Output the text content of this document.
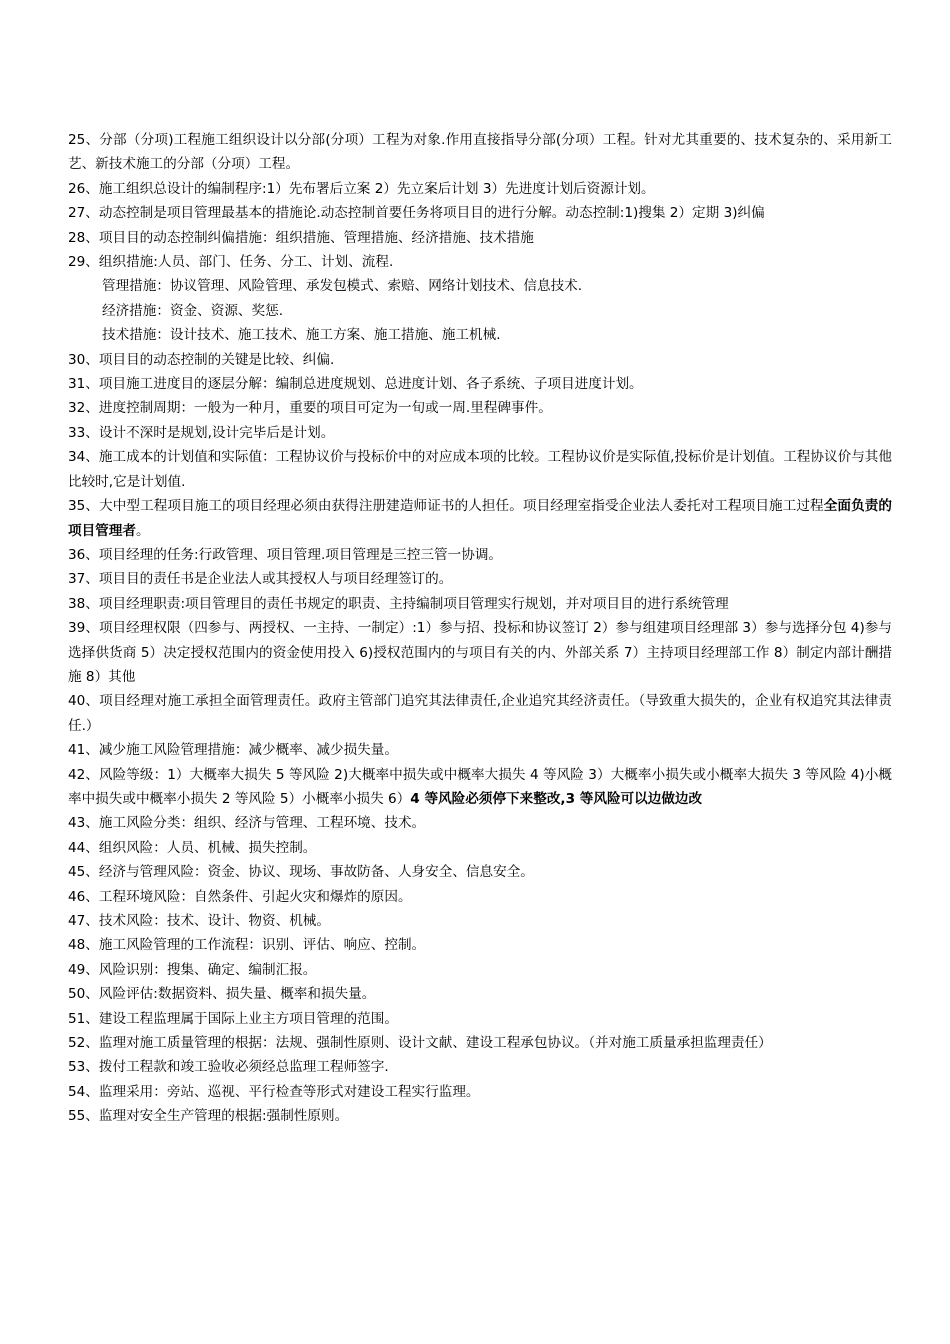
25、分部（分项)工程施工组织设计以分部(分项）工程为对象.作用直接指导分部(分项）工程。针对尤其重要的、技术复杂的、采用新工艺、新技术施工的分部（分项）工程。

26、施工组织总设计的编制程序:1）先布署后立案 2）先立案后计划 3）先进度计划后资源计划。

27、动态控制是项目管理最基本的措施论.动态控制首要任务将项目目的进行分解。动态控制:1)搜集 2）定期 3)纠偏

28、项目目的动态控制纠偏措施：组织措施、管理措施、经济措施、技术措施

29、组织措施:人员、部门、任务、分工、计划、流程.

管理措施：协议管理、风险管理、承发包模式、索赔、网络计划技术、信息技术.

经济措施：资金、资源、奖惩.

技术措施：设计技术、施工技术、施工方案、施工措施、施工机械.

30、项目目的动态控制的关键是比较、纠偏.

31、项目施工进度目的逐层分解：编制总进度规划、总进度计划、各子系统、子项目进度计划。

32、进度控制周期：一般为一种月，重要的项目可定为一旬或一周.里程碑事件。

33、设计不深时是规划,设计完毕后是计划。

34、施工成本的计划值和实际值：工程协议价与投标价中的对应成本项的比较。工程协议价是实际值,投标价是计划值。工程协议价与其他比较时,它是计划值.

35、大中型工程项目施工的项目经理必须由获得注册建造师证书的人担任。项目经理室指受企业法人委托对工程项目施工过程全面负责的项目管理者。

36、项目经理的任务:行政管理、项目管理.项目管理是三控三管一协调。

37、项目目的责任书是企业法人或其授权人与项目经理签订的。

38、项目经理职责:项目管理目的责任书规定的职责、主持编制项目管理实行规划，并对项目目的进行系统管理

39、项目经理权限（四参与、两授权、一主持、一制定）:1）参与招、投标和协议签订 2）参与组建项目经理部 3）参与选择分包 4)参与选择供货商 5）决定授权范围内的资金使用投入 6)授权范围内的与项目有关的内、外部关系 7）主持项目经理部工作 8）制定内部计酬措施 8）其他

40、项目经理对施工承担全面管理责任。政府主管部门追究其法律责任,企业追究其经济责任。（导致重大损失的，企业有权追究其法律责任.）

41、减少施工风险管理措施：减少概率、减少损失量。

42、风险等级：1）大概率大损失 5 等风险 2)大概率中损失或中概率大损失 4 等风险 3）大概率小损失或小概率大损失 3 等风险 4)小概率中损失或中概率小损失 2 等风险 5）小概率小损失 6）4 等风险必须停下来整改,3 等风险可以边做边改

43、施工风险分类：组织、经济与管理、工程环境、技术。

44、组织风险：人员、机械、损失控制。

45、经济与管理风险：资金、协议、现场、事故防备、人身安全、信息安全。

46、工程环境风险：自然条件、引起火灾和爆炸的原因。

47、技术风险：技术、设计、物资、机械。

48、施工风险管理的工作流程：识别、评估、响应、控制。

49、风险识别：搜集、确定、编制汇报。

50、风险评估:数据资料、损失量、概率和损失量。

51、建设工程监理属于国际上业主方项目管理的范围。

52、监理对施工质量管理的根据：法规、强制性原则、设计文献、建设工程承包协议。（并对施工质量承担监理责任）

53、拨付工程款和竣工验收必须经总监理工程师签字.

54、监理采用：旁站、巡视、平行检查等形式对建设工程实行监理。

55、监理对安全生产管理的根据:强制性原则。
